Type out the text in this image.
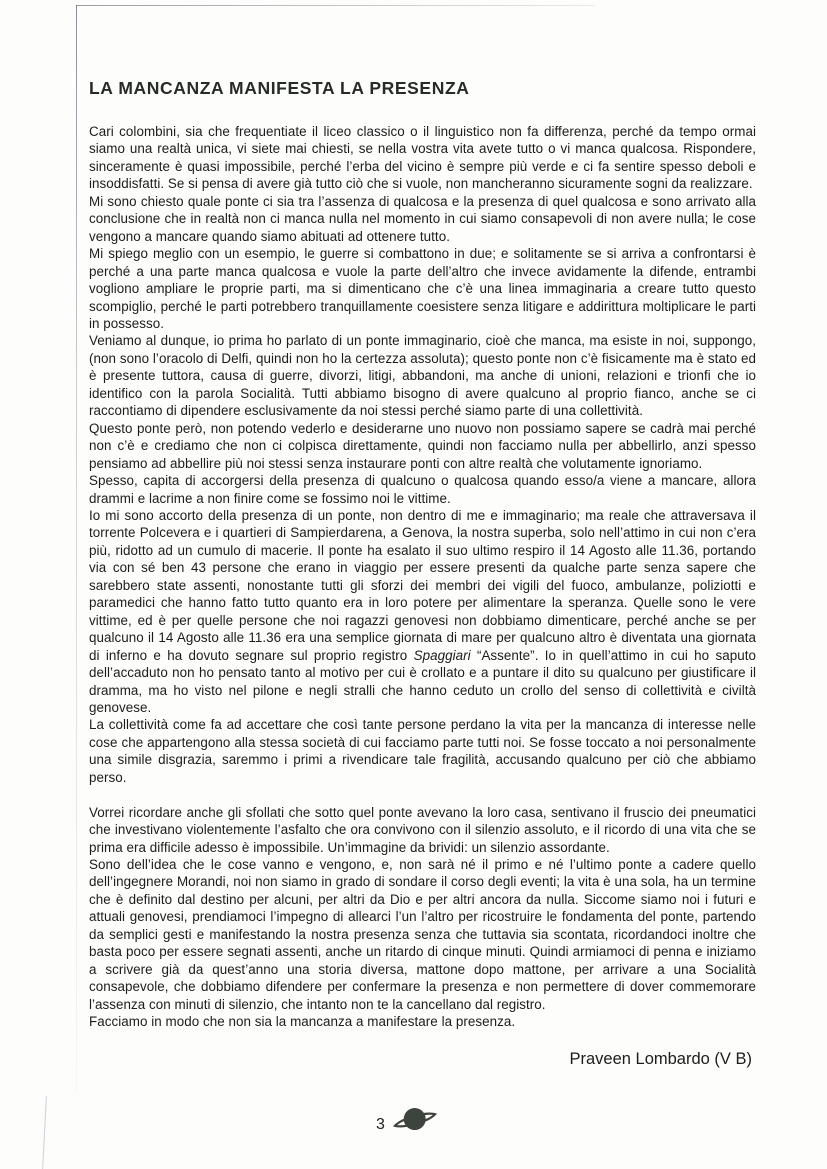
LA MANCANZA MANIFESTA LA PRESENZA

Cari colombini, sia che frequentiate il liceo classico o il linguistico non fa differenza, perché da tempo ormai siamo una realtà unica, vi siete mai chiesti, se nella vostra vita avete tutto o vi manca qualcosa. Rispondere, sinceramente è quasi impossibile, perché l’erba del vicino è sempre più verde e ci fa sentire spesso deboli e insoddisfatti. Se si pensa di avere già tutto ciò che si vuole, non mancheranno sicuramente sogni da realizzare.

Mi sono chiesto quale ponte ci sia tra l’assenza di qualcosa e la presenza di quel qualcosa e sono arrivato alla conclusione che in realtà non ci manca nulla nel momento in cui siamo consapevoli di non avere nulla; le cose vengono a mancare quando siamo abituati ad ottenere tutto.

Mi spiego meglio con un esempio, le guerre si combattono in due; e solitamente se si arriva a confrontarsi è perché a una parte manca qualcosa e vuole la parte dell’altro che invece avidamente la difende, entrambi vogliono ampliare le proprie parti, ma si dimenticano che c’è una linea immaginaria a creare tutto questo scompiglio, perché le parti potrebbero tranquillamente coesistere senza litigare e addirittura moltiplicare le parti in possesso.

Veniamo al dunque, io prima ho parlato di un ponte immaginario, cioè che manca, ma esiste in noi, suppongo, (non sono l’oracolo di Delfi, quindi non ho la certezza assoluta); questo ponte non c’è fisicamente ma è stato ed è presente tuttora, causa di guerre, divorzi, litigi, abbandoni, ma anche di unioni, relazioni e trionfi che io identifico con la parola Socialità. Tutti abbiamo bisogno di avere qualcuno al proprio fianco, anche se ci raccontiamo di dipendere esclusivamente da noi stessi perché siamo parte di una collettività.

Questo ponte però, non potendo vederlo e desiderarne uno nuovo non possiamo sapere se cadrà mai perché non c’è e crediamo che non ci colpisca direttamente, quindi non facciamo nulla per abbellirlo, anzi spesso pensiamo ad abbellire più noi stessi senza instaurare ponti con altre realtà che volutamente ignoriamo.

Spesso, capita di accorgersi della presenza di qualcuno o qualcosa quando esso/a viene a mancare, allora drammi e lacrime a non finire come se fossimo noi le vittime.

Io mi sono accorto della presenza di un ponte, non dentro di me e immaginario; ma reale che attraversava il torrente Polcevera e i quartieri di Sampierdarena, a Genova, la nostra superba, solo nell’attimo in cui non c’era più, ridotto ad un cumulo di macerie. Il ponte ha esalato il suo ultimo respiro il 14 Agosto alle 11.36, portando via con sé ben 43 persone che erano in viaggio per essere presenti da qualche parte senza sapere che sarebbero state assenti, nonostante tutti gli sforzi dei membri dei vigili del fuoco, ambulanze, poliziotti e paramedici che hanno fatto tutto quanto era in loro potere per alimentare la speranza. Quelle sono le vere vittime, ed è per quelle persone che noi ragazzi genovesi non dobbiamo dimenticare, perché anche se per qualcuno il 14 Agosto alle 11.36 era una semplice giornata di mare per qualcuno altro è diventata una giornata di inferno e ha dovuto segnare sul proprio registro Spaggiari “Assente”. Io in quell’attimo in cui ho saputo dell’accaduto non ho pensato tanto al motivo per cui è crollato e a puntare il dito su qualcuno per giustificare il dramma, ma ho visto nel pilone e negli stralli che hanno ceduto un crollo del senso di collettività e civiltà genovese.

La collettività come fa ad accettare che così tante persone perdano la vita per la mancanza di interesse nelle cose che appartengono alla stessa società di cui facciamo parte tutti noi. Se fosse toccato a noi personalmente una simile disgrazia, saremmo i primi a rivendicare tale fragilità, accusando qualcuno per ciò che abbiamo perso.

Vorrei ricordare anche gli sfollati che sotto quel ponte avevano la loro casa, sentivano il fruscio dei pneumatici che investivano violentemente l’asfalto che ora convivono con il silenzio assoluto, e il ricordo di una vita che se prima era difficile adesso è impossibile. Un’immagine da brividi: un silenzio assordante.

Sono dell’idea che le cose vanno e vengono, e, non sarà né il primo e né l’ultimo ponte a cadere quello dell’ingegnere Morandi, noi non siamo in grado di sondare il corso degli eventi; la vita è una sola, ha un termine che è definito dal destino per alcuni, per altri da Dio e per altri ancora da nulla. Siccome siamo noi i futuri e attuali genovesi, prendiamoci l’impegno di allearci l’un l’altro per ricostruire le fondamenta del ponte, partendo da semplici gesti e manifestando la nostra presenza senza che tuttavia sia scontata, ricordandoci inoltre che basta poco per essere segnati assenti, anche un ritardo di cinque minuti. Quindi armiamoci di penna e iniziamo a scrivere già da quest’anno una storia diversa, mattone dopo mattone, per arrivare a una Socialità consapevole, che dobbiamo difendere per confermare la presenza e non permettere di dover commemorare l’assenza con minuti di silenzio, che intanto non te la cancellano dal registro.

Facciamo in modo che non sia la mancanza a manifestare la presenza.

Praveen Lombardo (V B)
3
